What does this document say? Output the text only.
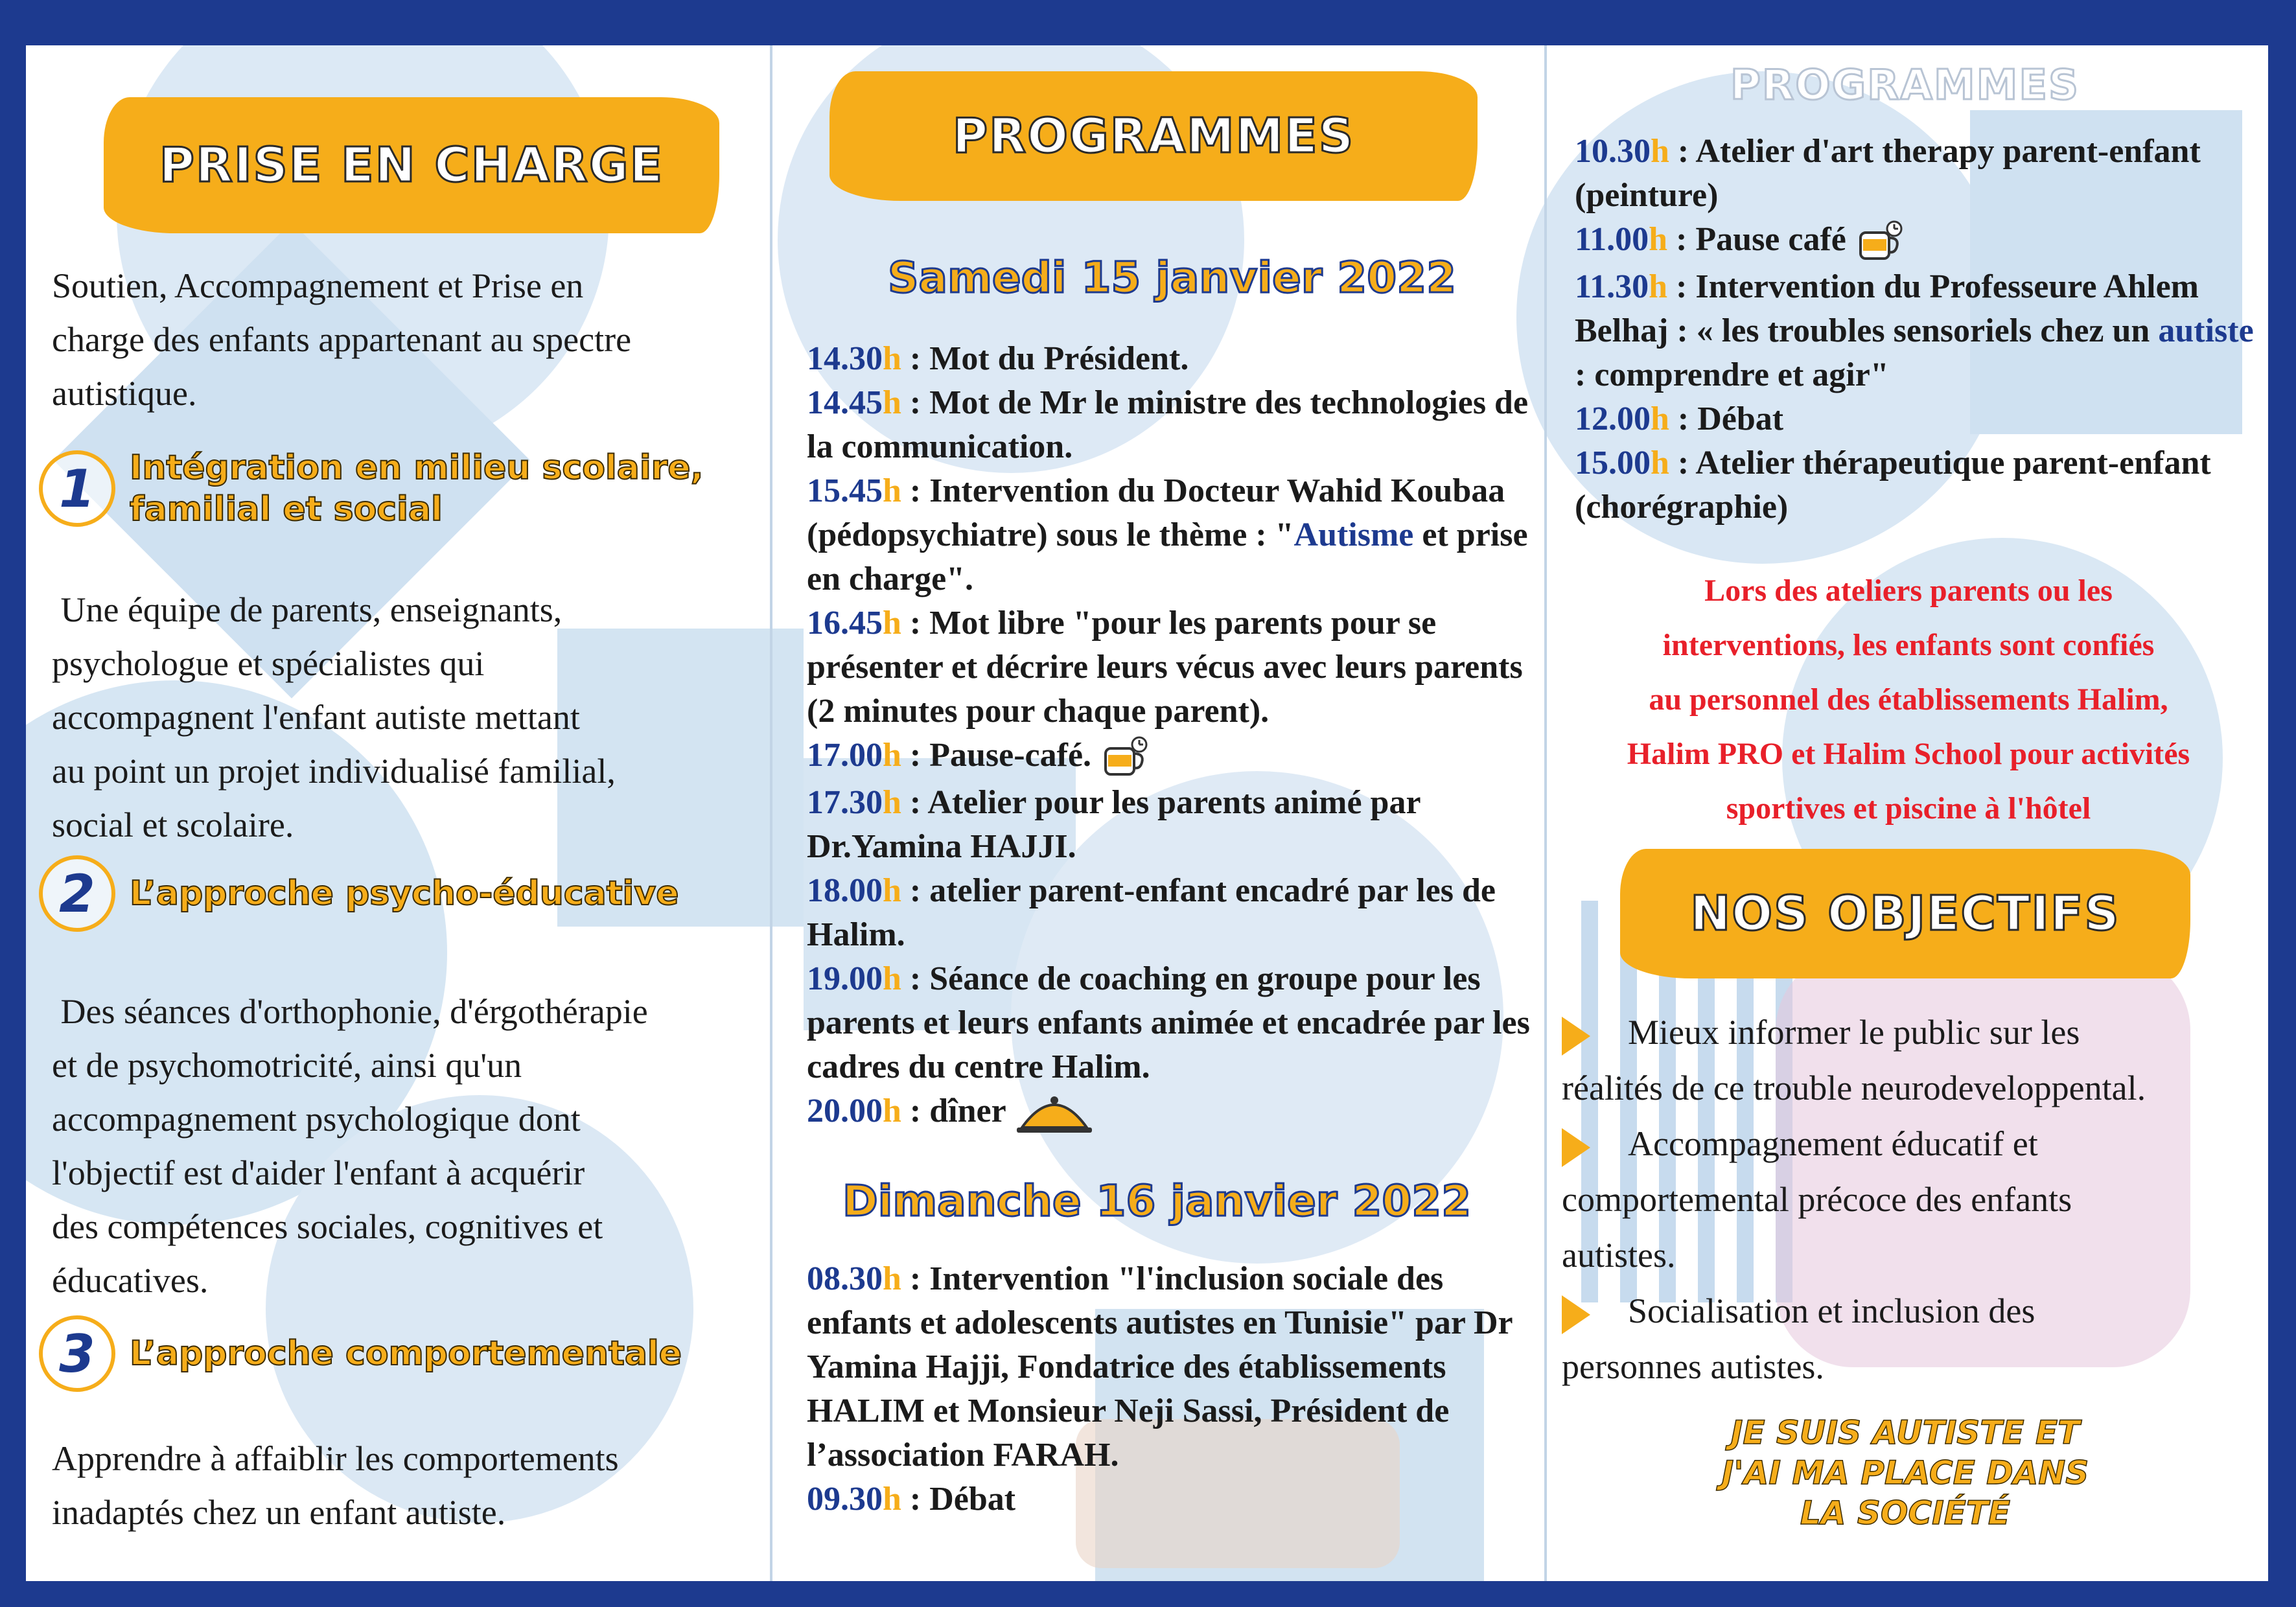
PRISE EN CHARGE
Soutien, Accompagnement et Prise en
charge des enfants appartenant au spectre
autistique.
1 Intégration en milieu scolaire,
familial et social
Une équipe de parents, enseignants,
psychologue et spécialistes qui
accompagnent l'enfant autiste mettant
au point un projet individualisé familial,
social et scolaire.
2 L’approche psycho-éducative
Des séances d'orthophonie, d'érgothérapie
et de psychomotricité, ainsi qu'un
accompagnement psychologique dont
l'objectif est d'aider l'enfant à acquérir
des compétences sociales, cognitives et
éducatives.
3 L’approche comportementale
Apprendre à affaiblir les comportements
inadaptés chez un enfant autiste.
PROGRAMMES
Samedi 15 janvier 2022
14.30h : Mot du Président.
14.45h : Mot de Mr le ministre des technologies de la communication.
15.45h : Intervention du Docteur Wahid Koubaa (pédopsychiatre) sous le thème : "Autisme et prise en charge".
16.45h : Mot libre "pour les parents pour se présenter et décrire leurs vécus avec leurs parents (2 minutes pour chaque parent).
17.00h : Pause-café.
17.30h : Atelier pour les parents animé par Dr.Yamina HAJJI.
18.00h : atelier parent-enfant encadré par les de Halim.
19.00h : Séance de coaching en groupe pour les parents et leurs enfants animée et encadrée par les cadres du centre Halim.
20.00h : dîner
Dimanche 16 janvier 2022
08.30h : Intervention "l'inclusion sociale des enfants et adolescents autistes en Tunisie" par Dr Yamina Hajji, Fondatrice des établissements HALIM et Monsieur Neji Sassi, Président de l’association FARAH.
09.30h : Débat
PROGRAMMES
10.30h : Atelier d'art therapy parent-enfant (peinture)
11.00h : Pause café
11.30h : Intervention du Professeure Ahlem Belhaj : « les troubles sensoriels chez un autiste : comprendre et agir"
12.00h : Débat
15.00h : Atelier thérapeutique parent-enfant (chorégraphie)
Lors des ateliers parents ou les
interventions, les enfants sont confiés
au personnel des établissements Halim,
Halim PRO et Halim School pour activités
sportives et piscine à l'hôtel
NOS OBJECTIFS
Mieux informer le public sur les
réalités de ce trouble neurodeveloppental.
Accompagnement éducatif et
comportemental précoce des enfants
autistes.
Socialisation et inclusion des
personnes autistes.
JE SUIS AUTISTE ET
J'AI MA PLACE DANS
LA SOCIÉTÉ
